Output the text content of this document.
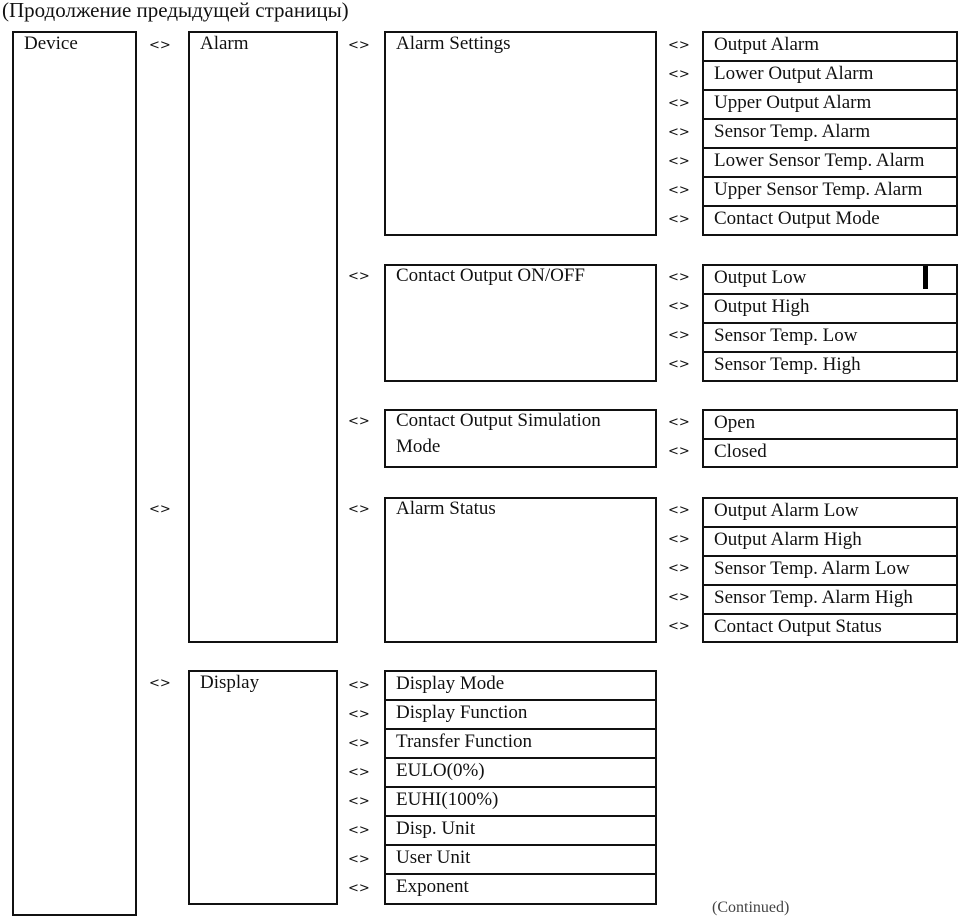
(Продолжение предыдущей страницы)
Device	<>
<>
<>
Alarm
Display
<>
<>
<>
<>
Alarm Settings
Contact Output ON/OFF
Contact Output Simulation
Mode
Alarm Status
<>
<>
<>
<>
<>
<>
<>
<>
<>
<>
<>
<>
<>
<>
<>
<>
<>
<>
Output Alarm
Lower Output Alarm
Upper Output Alarm
Sensor Temp. Alarm
Lower Sensor Temp. Alarm
Upper Sensor Temp. Alarm
Contact Output Mode
Output Low
Output High
Sensor Temp. Low
Sensor Temp. High
Open
Closed
Output Alarm Low
Output Alarm High
Sensor Temp. Alarm Low
Sensor Temp. Alarm High
Contact Output Status
<>
<>
<>
<>
<>
<>
<>
<>
Display Mode
Display Function
Transfer Function
EULO(0%)
EUHI(100%)
Disp. Unit
User Unit
Exponent
(Continued)
